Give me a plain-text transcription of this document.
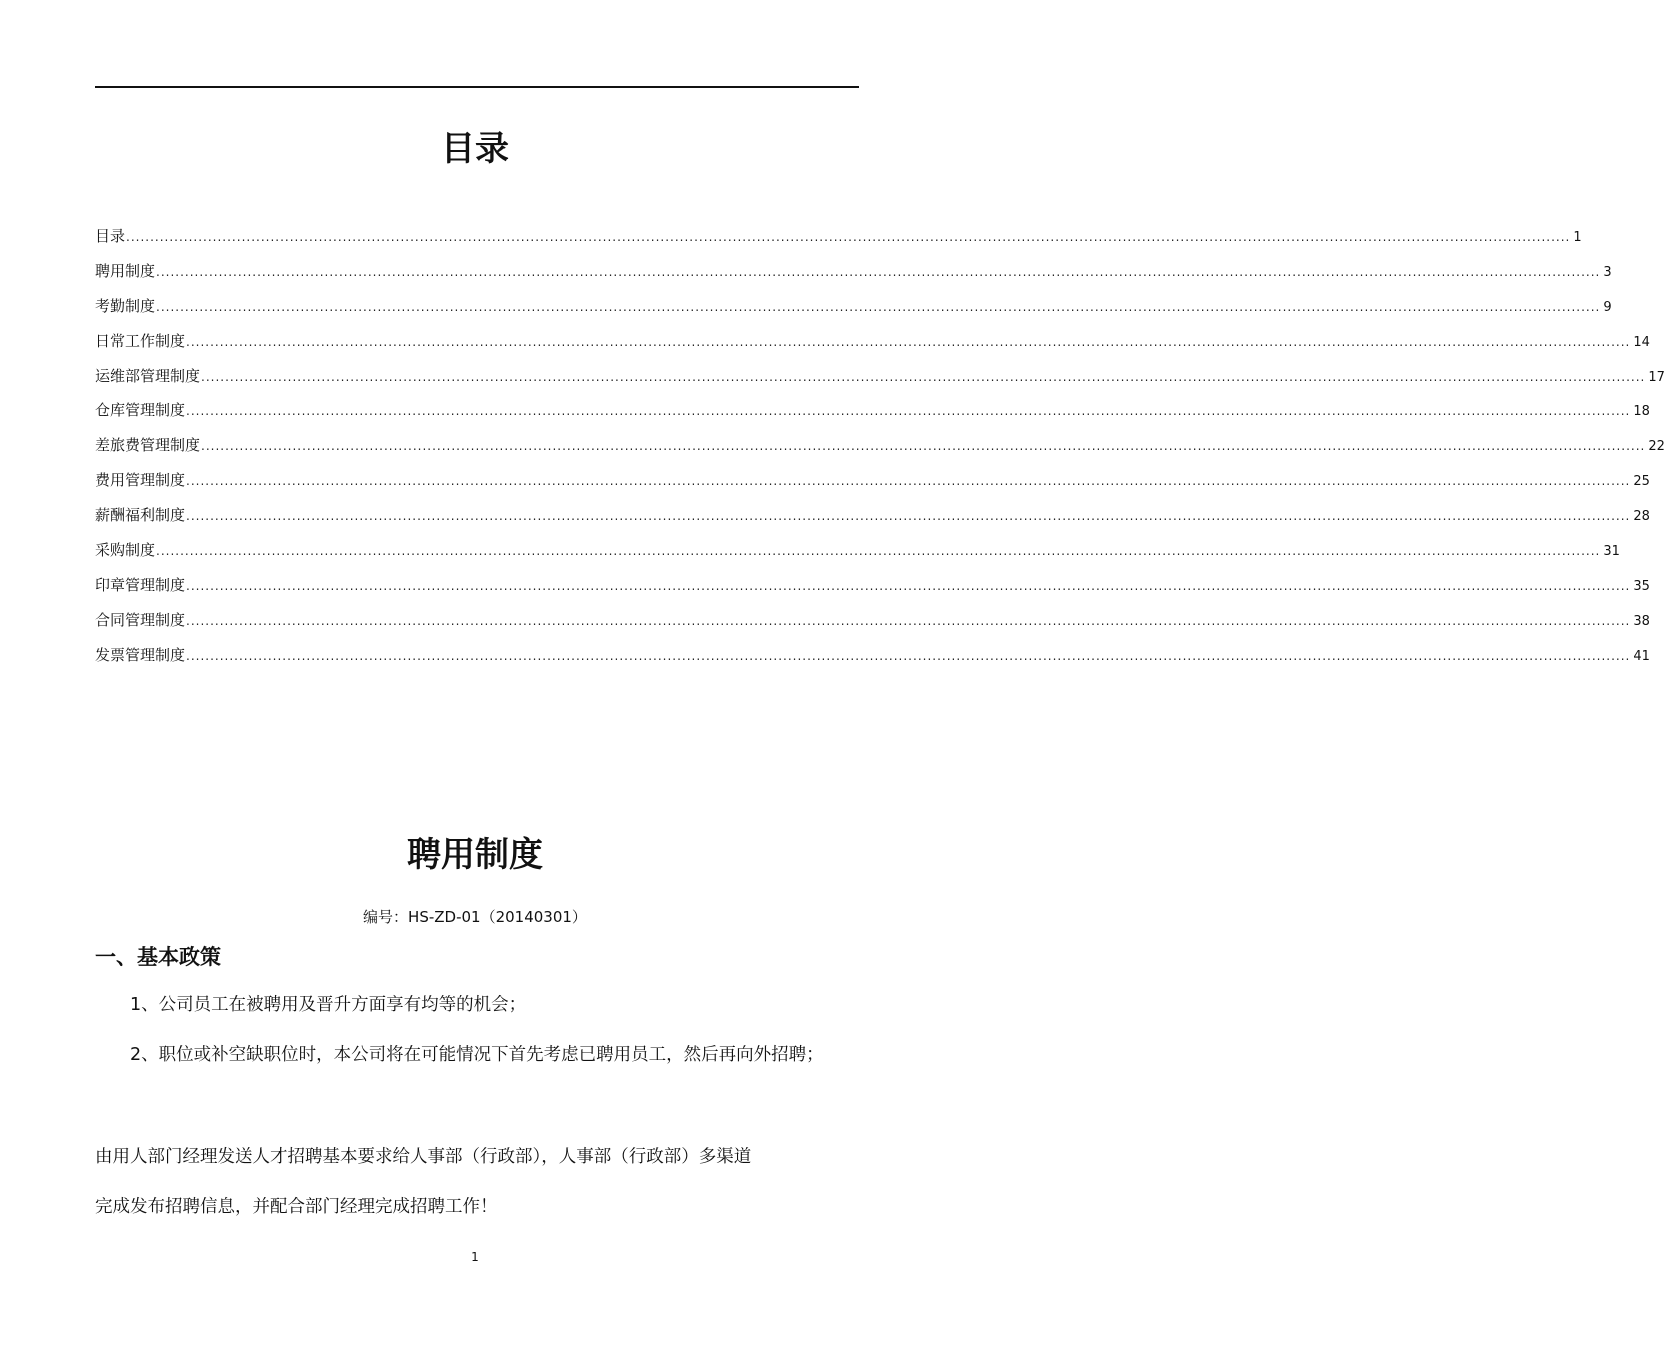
目录
目录 ............................................................................................................................................................................................................................................................................................................ 1
聘用制度 ............................................................................................................................................................................................................................................................................................................ 3
考勤制度 ............................................................................................................................................................................................................................................................................................................ 9
日常工作制度 ............................................................................................................................................................................................................................................................................................................ 14
运维部管理制度 ............................................................................................................................................................................................................................................................................................................ 17
仓库管理制度 ............................................................................................................................................................................................................................................................................................................ 18
差旅费管理制度 ............................................................................................................................................................................................................................................................................................................ 22
费用管理制度 ............................................................................................................................................................................................................................................................................................................ 25
薪酬福利制度 ............................................................................................................................................................................................................................................................................................................ 28
采购制度 ............................................................................................................................................................................................................................................................................................................ 31
印章管理制度 ............................................................................................................................................................................................................................................................................................................ 35
合同管理制度 ............................................................................................................................................................................................................................................................................................................ 38
发票管理制度 ............................................................................................................................................................................................................................................................................................................ 41
聘用制度
编号：HS-ZD-01（20140301）
一、基本政策

1、公司员工在被聘用及晋升方面享有均等的机会；

2、职位或补空缺职位时，本公司将在可能情况下首先考虑已聘用员工，然后再向外招聘；

由用人部门经理发送人才招聘基本要求给人事部（行政部），人事部（行政部）多渠道

完成发布招聘信息，并配合部门经理完成招聘工作！

1
